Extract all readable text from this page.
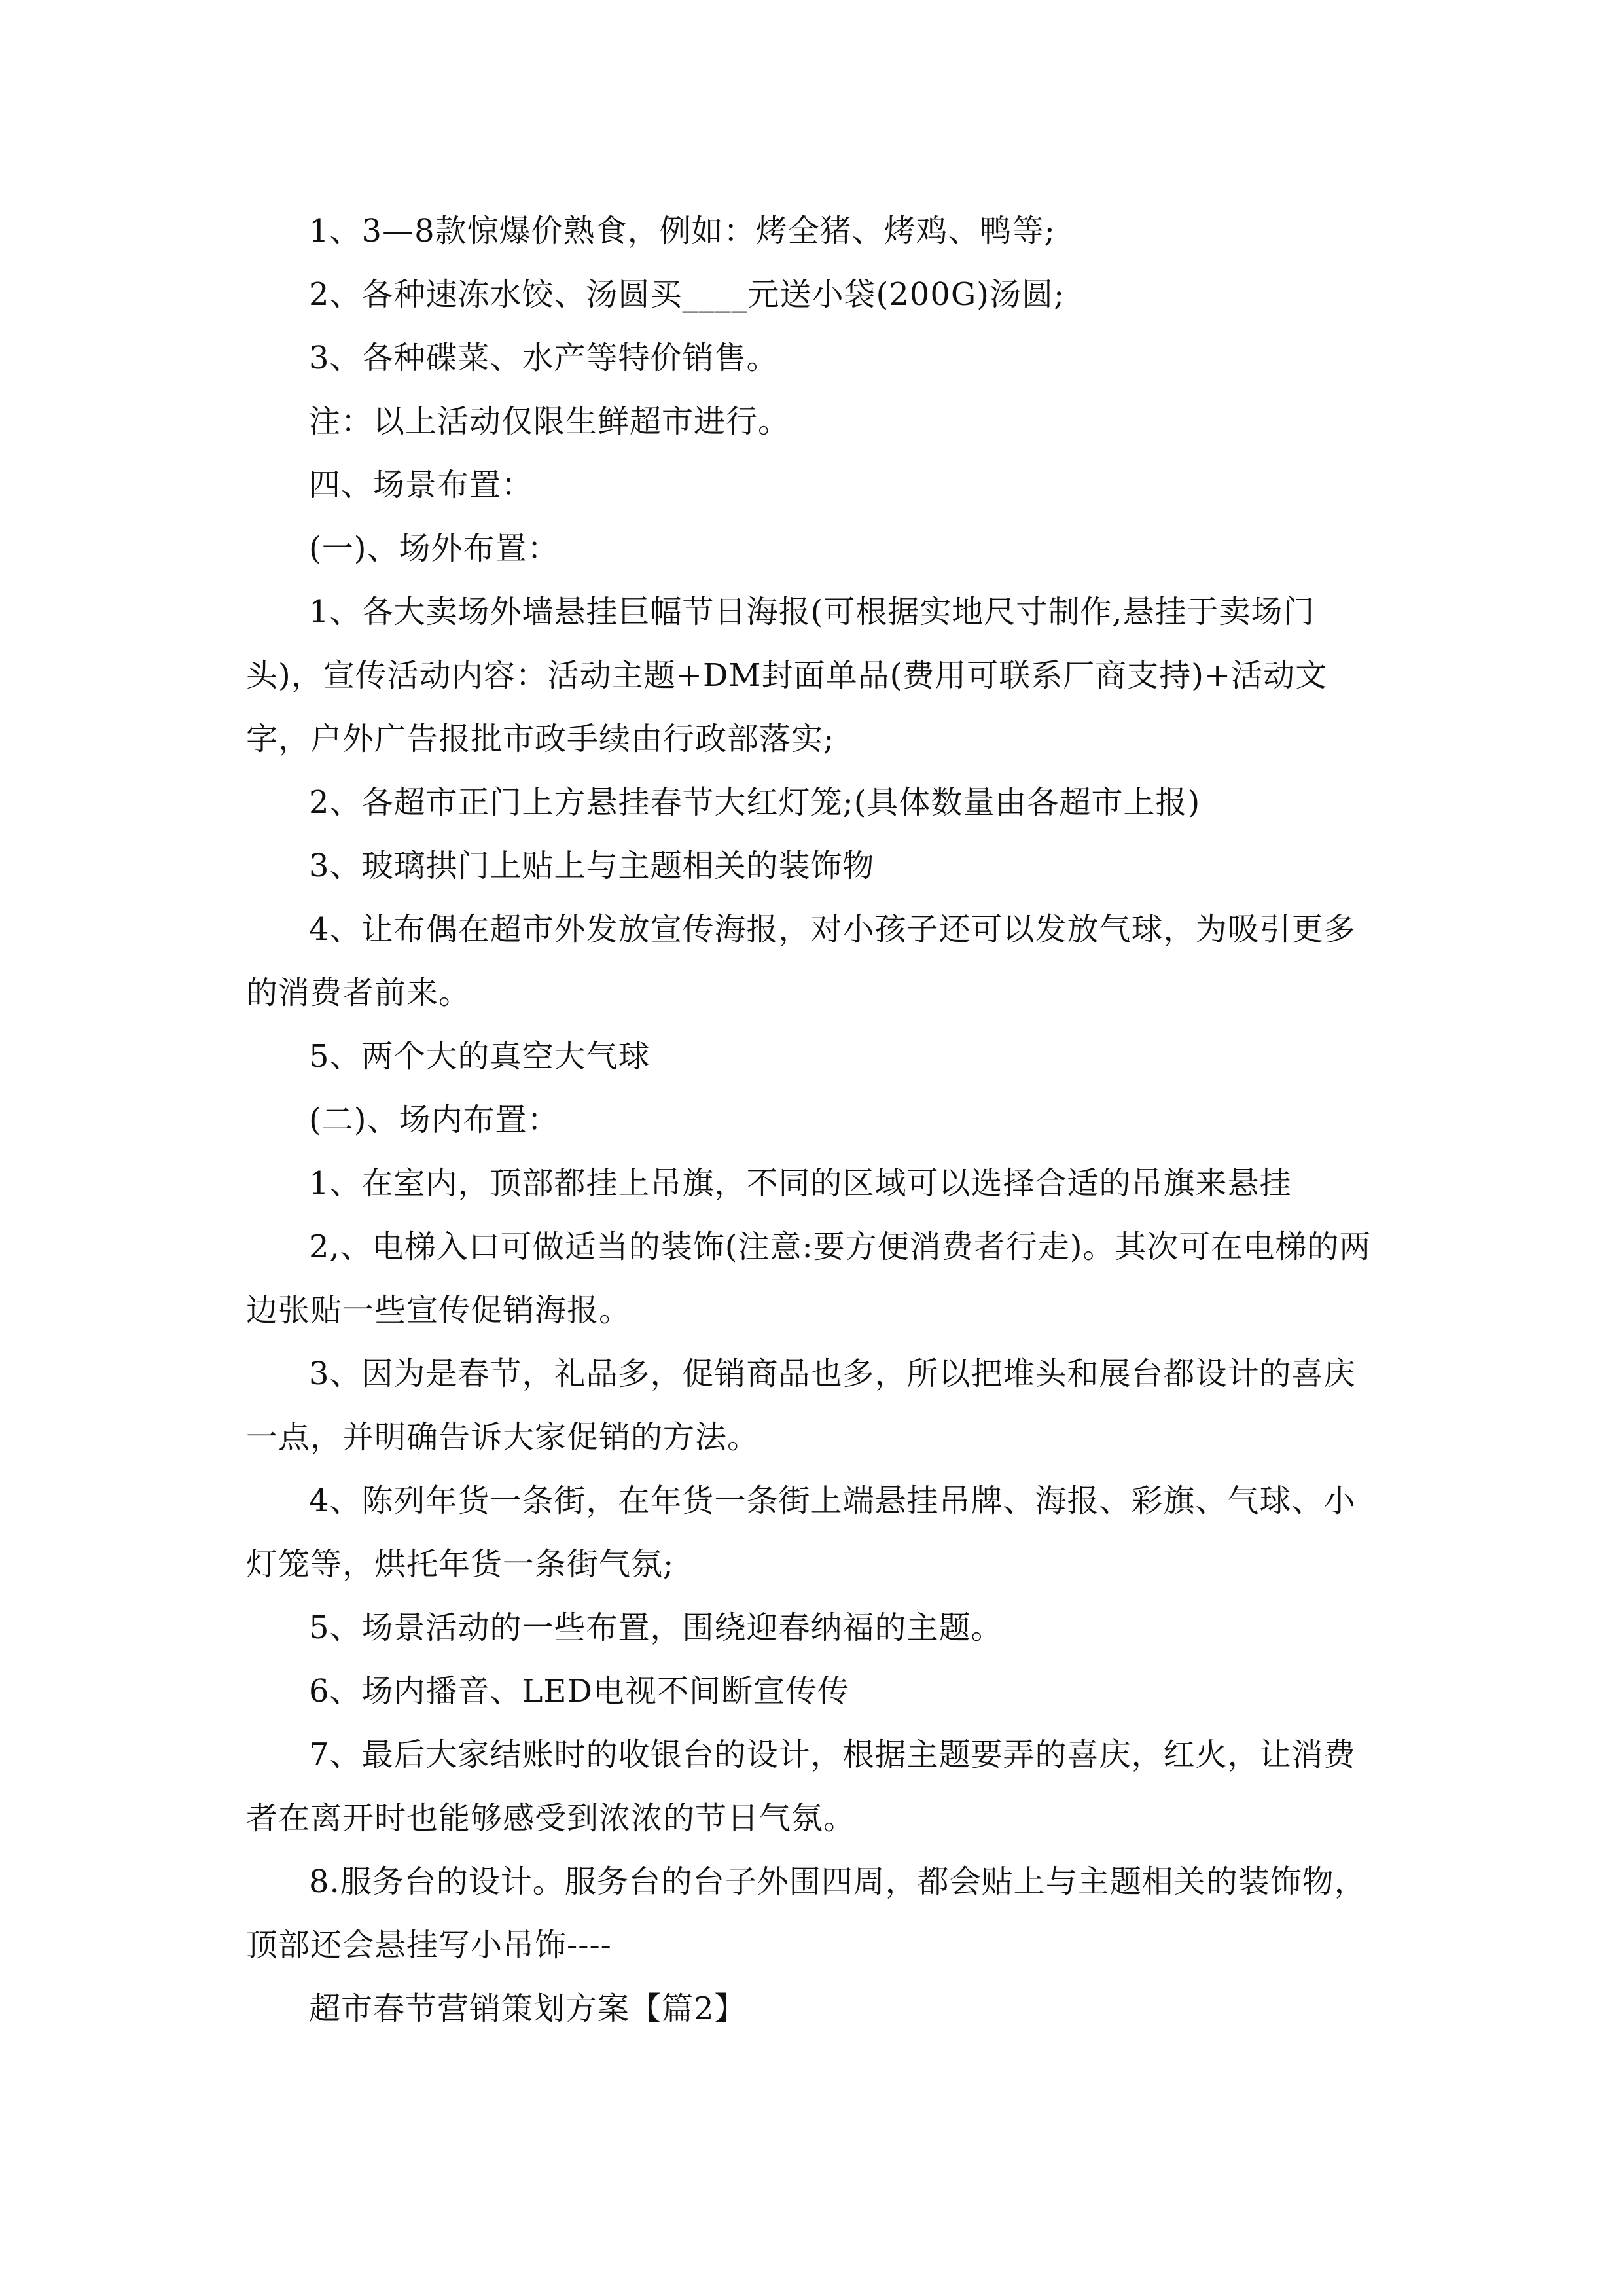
1、3—8款惊爆价熟食，例如：烤全猪、烤鸡、鸭等;

2、各种速冻水饺、汤圆买____元送小袋(200G)汤圆;

3、各种碟菜、水产等特价销售。

注：以上活动仅限生鲜超市进行。

四、场景布置：

(一)、场外布置：

1、各大卖场外墙悬挂巨幅节日海报(可根据实地尺寸制作,悬挂于卖场门头)，宣传活动内容：活动主题+DM封面单品(费用可联系厂商支持)+活动文字，户外广告报批市政手续由行政部落实;

2、各超市正门上方悬挂春节大红灯笼;(具体数量由各超市上报)

3、玻璃拱门上贴上与主题相关的装饰物

4、让布偶在超市外发放宣传海报，对小孩子还可以发放气球，为吸引更多的消费者前来。

5、两个大的真空大气球

(二)、场内布置：

1、在室内，顶部都挂上吊旗，不同的区域可以选择合适的吊旗来悬挂

2,、电梯入口可做适当的装饰(注意:要方便消费者行走)。其次可在电梯的两边张贴一些宣传促销海报。

3、因为是春节，礼品多，促销商品也多，所以把堆头和展台都设计的喜庆一点，并明确告诉大家促销的方法。

4、陈列年货一条街，在年货一条街上端悬挂吊牌、海报、彩旗、气球、小灯笼等，烘托年货一条街气氛;

5、场景活动的一些布置，围绕迎春纳福的主题。

6、场内播音、LED电视不间断宣传传

7、最后大家结账时的收银台的设计，根据主题要弄的喜庆，红火，让消费者在离开时也能够感受到浓浓的节日气氛。

8.服务台的设计。服务台的台子外围四周，都会贴上与主题相关的装饰物，顶部还会悬挂写小吊饰----

超市春节营销策划方案【篇2】
